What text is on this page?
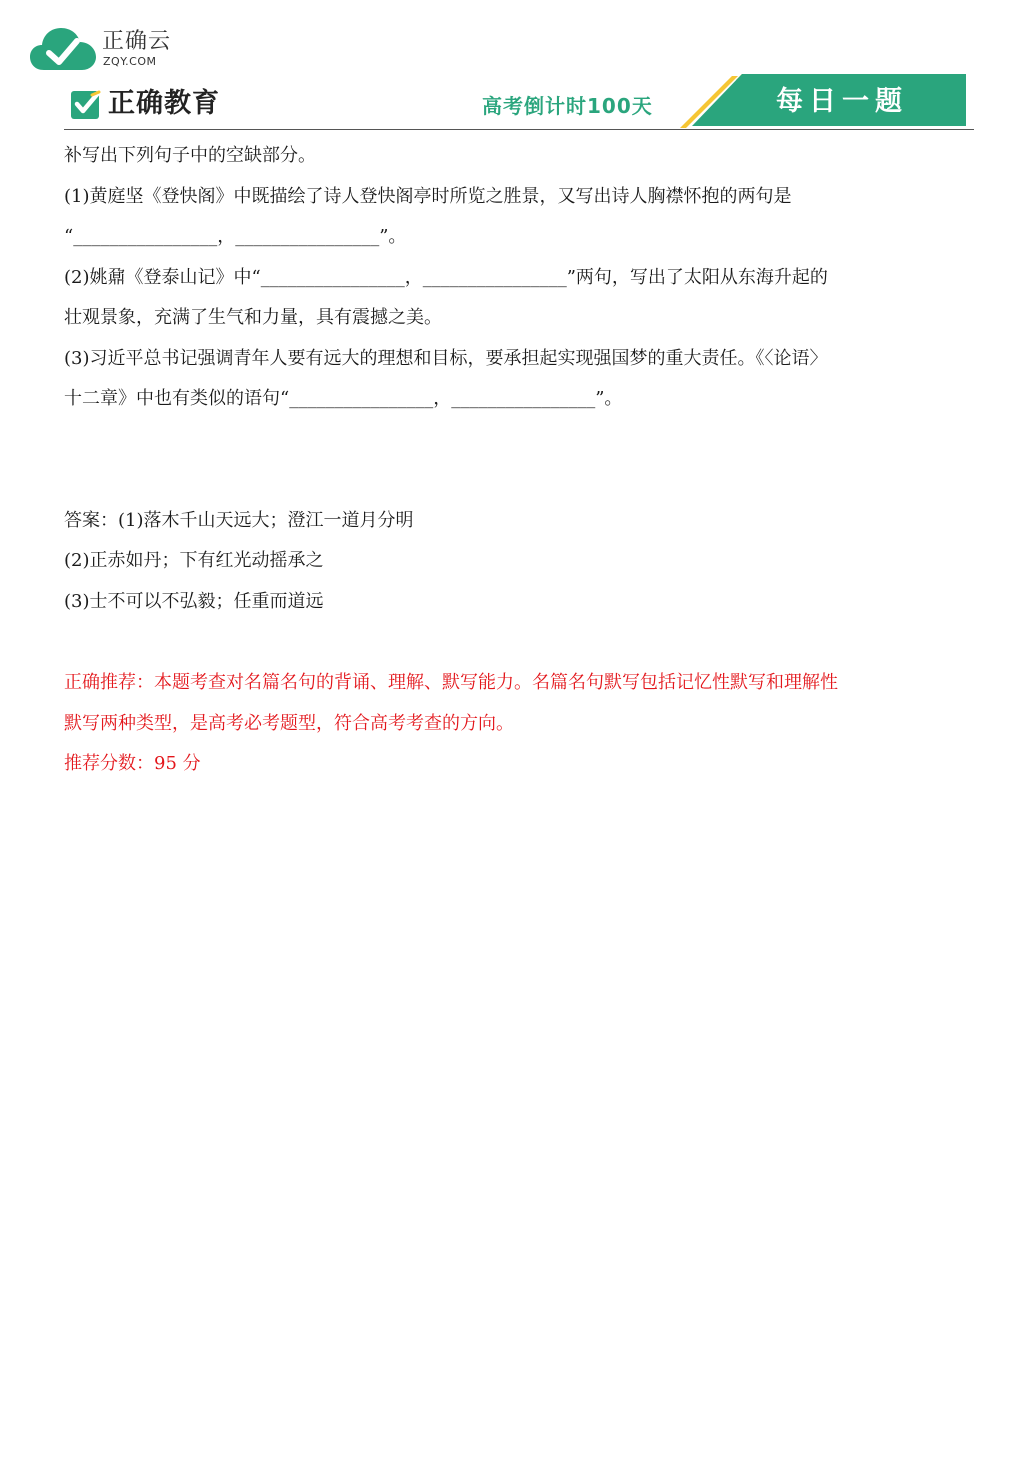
正确云
ZQY.COM
正确教育	高考倒计时100天	每日一题

补写出下列句子中的空缺部分。

(1)黄庭坚《登快阁》中既描绘了诗人登快阁亭时所览之胜景，又写出诗人胸襟怀抱的两句是

“________________，________________”。

(2)姚鼐《登泰山记》中“________________，________________”两句，写出了太阳从东海升起的

壮观景象，充满了生气和力量，具有震撼之美。

(3)习近平总书记强调青年人要有远大的理想和目标，要承担起实现强国梦的重大责任。《〈论语〉

十二章》中也有类似的语句“________________，________________”。

答案：(1)落木千山天远大；澄江一道月分明

(2)正赤如丹；下有红光动摇承之

(3)士不可以不弘毅；任重而道远

正确推荐：本题考查对名篇名句的背诵、理解、默写能力。名篇名句默写包括记忆性默写和理解性

默写两种类型，是高考必考题型，符合高考考查的方向。

推荐分数：95 分
